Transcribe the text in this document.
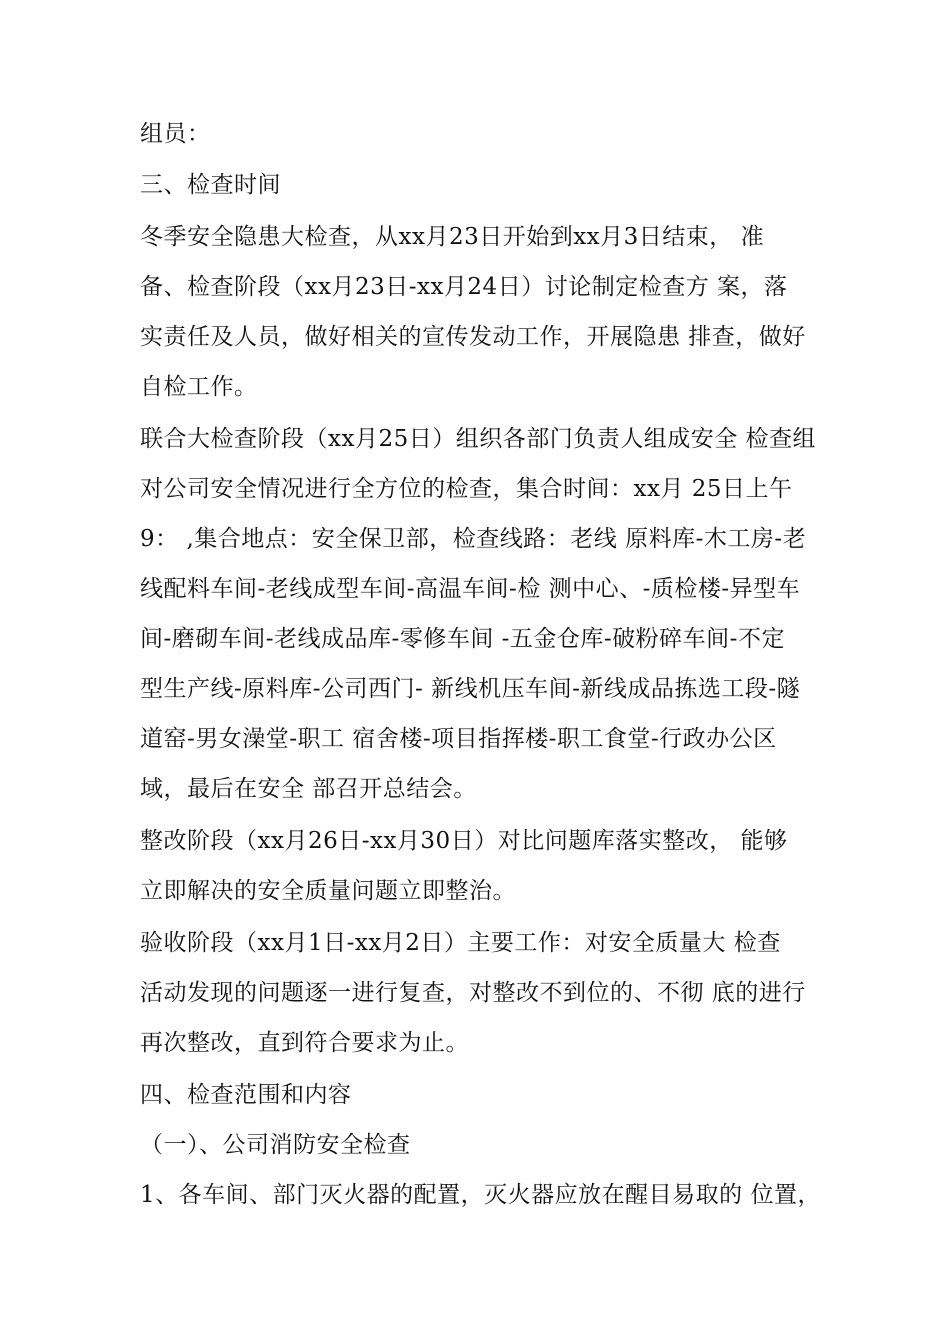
组员：
三、检查时间
冬季安全隐患大检查，从xx月23日开始到xx月3日结束， 准
备、检查阶段（xx月23日-xx月24日）讨论制定检查方 案，落
实责任及人员，做好相关的宣传发动工作，开展隐患 排查，做好
自检工作。
联合大检查阶段（xx月25日）组织各部门负责人组成安全 检查组
对公司安全情况进行全方位的检查，集合时间：xx月 25日上午
9： ,集合地点：安全保卫部，检查线路：老线 原料库-木工房-老
线配料车间-老线成型车间-高温车间-检 测中心、-质检楼-异型车
间-磨砌车间-老线成品库-零修车间 -五金仓库-破粉碎车间-不定
型生产线-原料库-公司西门- 新线机压车间-新线成品拣选工段-隧
道窑-男女澡堂-职工 宿舍楼-项目指挥楼-职工食堂-行政办公区
域，最后在安全 部召开总结会。
整改阶段（xx月26日-xx月30日）对比问题库落实整改， 能够
立即解决的安全质量问题立即整治。
验收阶段（xx月1日-xx月2日）主要工作：对安全质量大 检查
活动发现的问题逐一进行复查，对整改不到位的、不彻 底的进行
再次整改，直到符合要求为止。
四、检查范围和内容
（一）、公司消防安全检查
1、各车间、部门灭火器的配置，灭火器应放在醒目易取的 位置，
